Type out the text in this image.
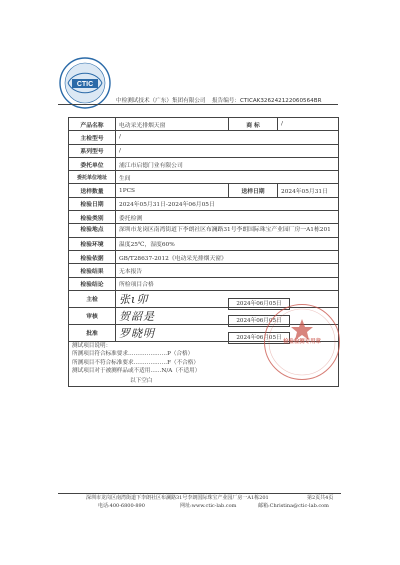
CTIC
中检测试技术（广东）集团有限公司 报告编号：CTICAK326242122060564BR
产品名称	电动采光排烟天窗	商 标	/
主检型号	/		
系列型号	/		
委托单位	浦江市启德门业有限公司		
委托单位地址	生间		
送样数量	1PCS	送样日期	2024年05月31日
检验日期	2024年05月31日-2024年06月05日		
检验类别	委托检测		
检验地点	深圳市龙岗区南湾街道下李朗社区布澜路31号李朗国际珠宝产业园厂房一A1栋201		
检验环境	温度25℃，湿度60%		
检验依据	GB/T28637-2012《电动采光排烟天窗》		
检验结果	无本报告		
检验结论	所检项目合格		
主检	张ι卯 2024年06月05日		

审核	贺韶是 2024年06月05日		

批准	罗晓明 2024年06月05日		

测试项目说明：
所测项目符合标准要求…………………P（合格）
所测项目不符合标准要求………………F（不合格）
测试项目对于被测样品或不适用……N/A（不适用）
以下空白			
检验检测专用章
深圳市龙岗区南湾街道下李朗社区布澜路31号李朗国际珠宝产业园厂房一A1栋201	第2页共4页
电话:400-6800-890	网址:www.ctic-lab.com	邮箱:Christina@ctic-lab.com
